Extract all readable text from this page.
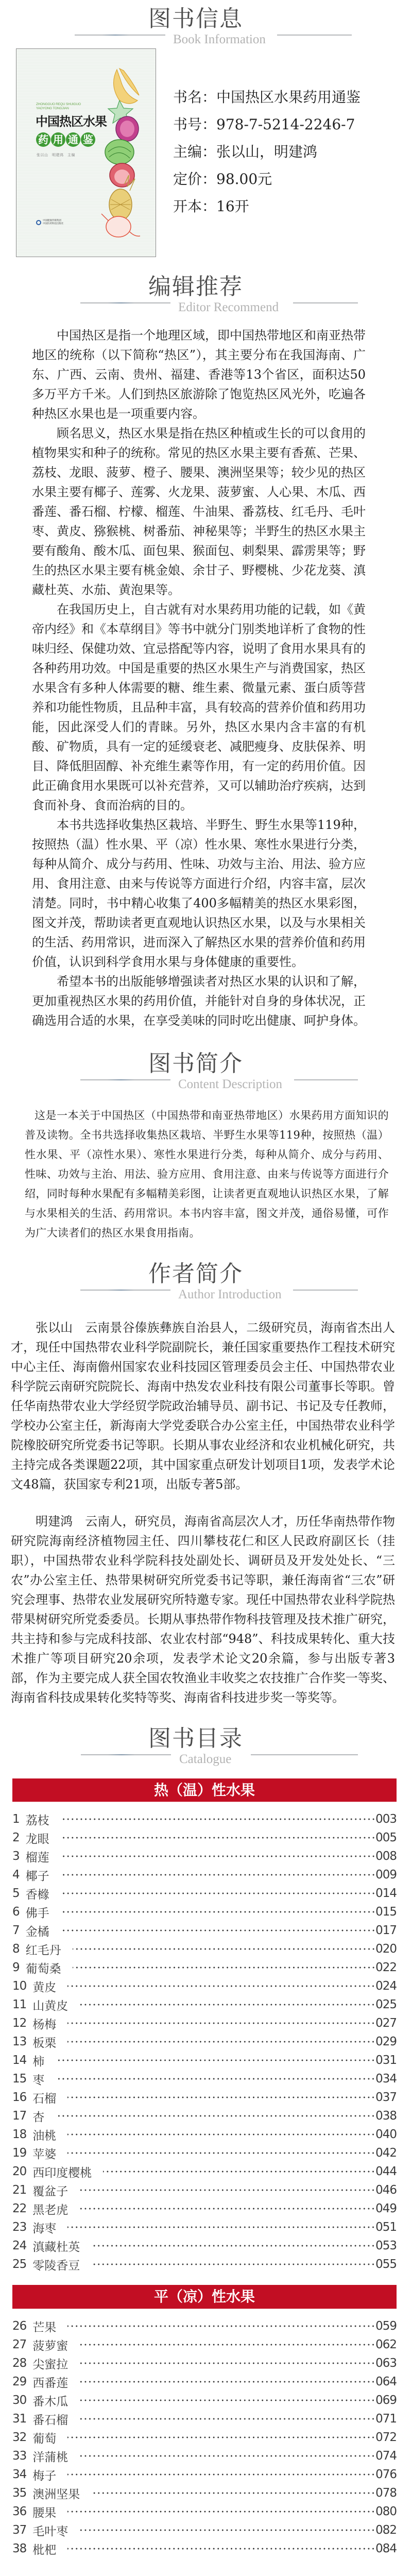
图书信息
Book Information
ZHONGGUO REQU SHUIGUO
YAOYONG TONGJIAN
中国热区水果
药 用 通 鉴
张以山　明建鸿　主编
中国健康传媒集团
中国医药科技出版社
书名：中国热区水果药用通鉴
书号：978-7-5214-2246-7
主编：张以山，明建鸿
定价：98.00元
开本：16开
编辑推荐
Editor Recommend

中国热区是指一个地理区域，即中国热带地区和南亚热带地区的统称（以下简称“热区”），其主要分布在我国海南、广东、广西、云南、贵州、福建、香港等13个省区，面积达50多万平方千米。人们到热区旅游除了饱览热区风光外，吃遍各种热区水果也是一项重要内容。

顾名思义，热区水果是指在热区种植或生长的可以食用的植物果实和种子的统称。常见的热区水果主要有香蕉、芒果、荔枝、龙眼、菠萝、橙子、腰果、澳洲坚果等；较少见的热区水果主要有椰子、莲雾、火龙果、菠萝蜜、人心果、木瓜、西番莲、番石榴、柠檬、榴莲、牛油果、番荔枝、红毛丹、毛叶枣、黄皮、猕猴桃、树番茄、神秘果等；半野生的热区水果主要有酸角、酸木瓜、面包果、猴面包、刺梨果、霹雳果等；野生的热区水果主要有桃金娘、余甘子、野樱桃、少花龙葵、滇藏杜英、水茄、黄泡果等。

在我国历史上，自古就有对水果药用功能的记载，如《黄帝内经》和《本草纲目》等书中就分门别类地详析了食物的性味归经、保健功效、宜忌搭配等内容，说明了食用水果具有的各种药用功效。中国是重要的热区水果生产与消费国家，热区水果含有多种人体需要的糖、维生素、微量元素、蛋白质等营养和功能性物质，且品种丰富，具有较高的营养价值和药用功能，因此深受人们的青睐。另外，热区水果内含丰富的有机酸、矿物质，具有一定的延缓衰老、减肥瘦身、皮肤保养、明目、降低胆固醇、补充维生素等作用，有一定的药用价值。因此正确食用水果既可以补充营养，又可以辅助治疗疾病，达到食而补身、食而治病的目的。

本书共选择收集热区栽培、半野生、野生水果等119种，按照热（温）性水果、平（凉）性水果、寒性水果进行分类，每种从简介、成分与药用、性味、功效与主治、用法、验方应用、食用注意、由来与传说等方面进行介绍，内容丰富，层次清楚。同时，书中精心收集了400多幅精美的热区水果彩图，图文并茂，帮助读者更直观地认识热区水果，以及与水果相关的生活、药用常识，进而深入了解热区水果的营养价值和药用价值，认识到科学食用水果与身体健康的重要性。

希望本书的出版能够增强读者对热区水果的认识和了解，更加重视热区水果的药用价值，并能针对自身的身体状况，正确选用合适的水果，在享受美味的同时吃出健康、呵护身体。

图书简介
Content Description

这是一本关于中国热区（中国热带和南亚热带地区）水果药用方面知识的普及读物。全书共选择收集热区栽培、半野生水果等119种，按照热（温）性水果、平（凉性水果）、寒性水果进行分类，每种从简介、成分与药用、性味、功效与主治、用法、验方应用、食用注意、由来与传说等方面进行介绍，同时每种水果配有多幅精美彩图，让读者更直观地认识热区水果，了解与水果相关的生活、药用常识。本书内容丰富，图文并茂，通俗易懂，可作为广大读者们的热区水果食用指南。

作者简介
Author Introduction

张以山 云南景谷傣族彝族自治县人，二级研究员，海南省杰出人才，现任中国热带农业科学院副院长，兼任国家重要热作工程技术研究中心主任、海南儋州国家农业科技园区管理委员会主任、中国热带农业科学院云南研究院院长、海南中热发农业科技有限公司董事长等职。曾任华南热带农业大学经贸学院政治辅导员、副书记、书记及专任教师，学校办公室主任，新海南大学党委联合办公室主任，中国热带农业科学院橡胶研究所党委书记等职。长期从事农业经济和农业机械化研究，共主持完成各类课题22项，其中国家重点研发计划项目1项，发表学术论文48篇，获国家专利21项，出版专著5部。

明建鸿 云南人，研究员，海南省高层次人才，历任华南热带作物研究院海南经济植物园主任、四川攀枝花仁和区人民政府副区长（挂职），中国热带农业科学院科技处副处长、调研员及开发处处长、“三农”办公室主任、热带果树研究所党委书记等职，兼任海南省“三农”研究会理事、热带农业发展研究所特邀专家。现任中国热带农业科学院热带果树研究所党委委员。长期从事热带作物科技管理及技术推广研究，共主持和参与完成科技部、农业农村部“948”、科技成果转化、重大技术推广等项目研究20余项，发表学术论文20余篇，参与出版专著3部，作为主要完成人获全国农牧渔业丰收奖之农技推广合作奖一等奖、海南省科技成果转化奖特等奖、海南省科技进步奖一等奖等。

图书目录
Catalogue
热（温）性水果
1 荔枝	003
2 龙眼	005
3 榴莲	008
4 椰子	009
5 香橼	014
6 佛手	015
7 金橘	017
8 红毛丹	020
9 葡萄桑	022
10 黄皮	024
11 山黄皮	025
12 杨梅	027
13 板栗	029
14 柿	031
15 枣	034
16 石榴	037
17 杏	038
18 油桃	040
19 苹婆	042
20 西印度樱桃	044
21 覆盆子	046
22 黑老虎	049
23 海枣	051
24 滇藏杜英	053
25 零陵香豆	055
平（凉）性水果
26 芒果	059
27 菠萝蜜	062
28 尖蜜拉	063
29 西番莲	064
30 番木瓜	069
31 番石榴	071
32 葡萄	072
33 洋蒲桃	074
34 梅子	076
35 澳洲坚果	078
36 腰果	080
37 毛叶枣	082
38 枇杷	084
